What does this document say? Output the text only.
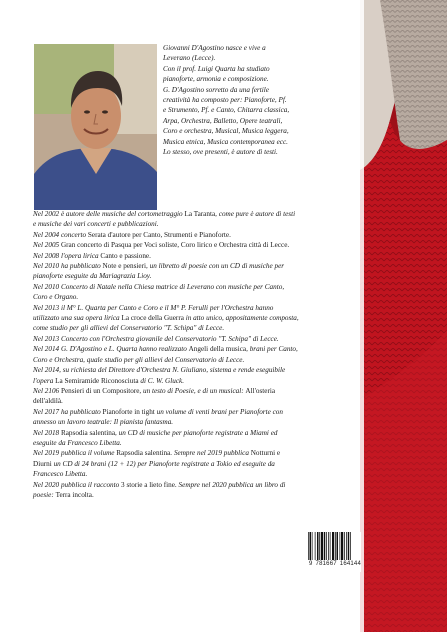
Giovanni D'Agostino nasce e vive a Leverano (Lecce).

Con il prof. Luigi Quarta ha studiato pianoforte, armonia e composizione.

G. D'Agostino sorretto da una fertile creatività ha composto per: Pianoforte, Pf. e Strumento, Pf. e Canto, Chitarra classica, Arpa, Orchestra, Balletto, Opere teatrali, Coro e orchestra, Musical, Musica leggera, Musica etnica, Musica contemporanea ecc.

Lo stesso, ove presenti, è autore di testi.

Nel 2002 è autore delle musiche del cortometraggio La Taranta, come pure è autore di testi e musiche dei vari concerti e pubblicazioni.

Nel 2004 concerto Serata d'autore per Canto, Strumenti e Pianoforte.

Nel 2005 Gran concerto di Pasqua per Voci soliste, Coro lirico e Orchestra città di Lecce.

Nel 2008 l'opera lirica Canto e passione.

Nel 2010 ha pubblicato Note e pensieri, un libretto di poesie con un CD di musiche per pianoforte eseguite da Mariagrazia Lioy.

Nel 2010 Concerto di Natale nella Chiesa matrice di Leverano con musiche per Canto, Coro e Organo.

Nel 2013 il M° L. Quarta per Canto e Coro e il M° P. Ferulli per l'Orchestra hanno utilizzato una sua opera lirica La croce della Guerra in atto unico, appositamente composta, come studio per gli allievi del Conservatorio "T. Schipa" di Lecce.

Nel 2013 Concerto con l'Orchestra giovanile del Conservatorio "T. Schipa" di Lecce.

Nel 2014 G. D'Agostino e L. Quarta hanno realizzato Angeli della musica, brani per Canto, Coro e Orchestra, quale studio per gli allievi del Conservatorio di Lecce.

Nel 2014, su richiesta del Direttore d'Orchestra N. Giuliano, sistema e rende eseguibile l'opera La Semiramide Riconosciuta di C. W. Gluck.

Nel 2106 Pensieri di un Compositore, un testo di Poesie, e di un musical: All'osteria dell'aldilà.

Nel 2017 ha pubblicato Pianoforte in tight un volume di venti brani per Pianoforte con annesso un lavoro teatrale: Il pianista fantasma.

Nel 2018 Rapsodia salentina, un CD di musiche per pianoforte registrate a Miami ed eseguite da Francesco Libetta.

Nel 2019 pubblica il volume Rapsodia salentina. Sempre nel 2019 pubblica Notturni e Diurni un CD di 24 brani (12 + 12) per Pianoforte registrate a Tokio ed eseguite da Francesco Libetta.

Nel 2020 pubblica il racconto 3 storie a lieto fine. Sempre nel 2020 pubblica un libro di poesie: Terra incolta.

9 781667 164144
